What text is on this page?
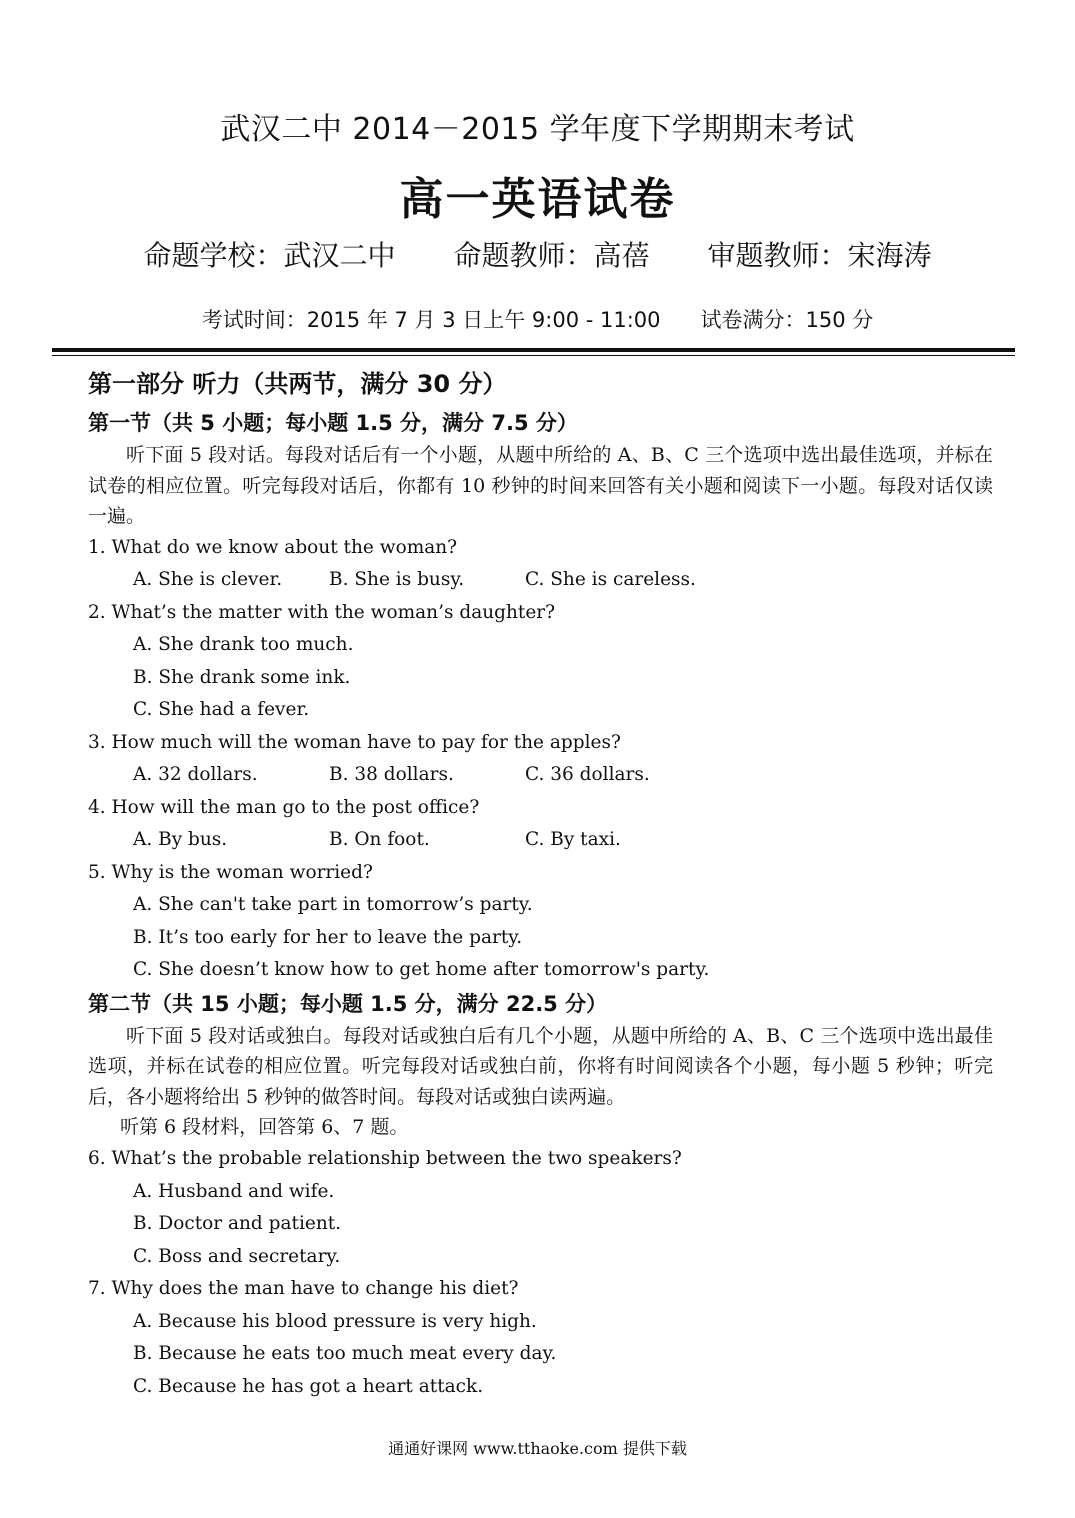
武汉二中 2014－2015 学年度下学期期末考试
高一英语试卷
命题学校：武汉二中 命题教师：高蓓 审题教师：宋海涛
考试时间：2015 年 7 月 3 日上午 9:00 - 11:00 试卷满分：150 分

第一部分 听力（共两节，满分 30 分）

第一节（共 5 小题；每小题 1.5 分，满分 7.5 分）

听下面 5 段对话。每段对话后有一个小题，从题中所给的 A、B、C 三个选项中选出最佳选项，并标在试卷的相应位置。听完每段对话后，你都有 10 秒钟的时间来回答有关小题和阅读下一小题。每段对话仅读一遍。

1. What do we know about the woman?

A. She is clever.	B. She is busy.	C. She is careless.

2. What’s the matter with the woman’s daughter?

A. She drank too much.

B. She drank some ink.

C. She had a fever.

3. How much will the woman have to pay for the apples?

A. 32 dollars.	B. 38 dollars.	C. 36 dollars.

4. How will the man go to the post office?

A. By bus.	B. On foot.	C. By taxi.

5. Why is the woman worried?

A. She can't take part in tomorrow’s party.

B. It’s too early for her to leave the party.

C. She doesn’t know how to get home after tomorrow's party.

第二节（共 15 小题；每小题 1.5 分，满分 22.5 分）

听下面 5 段对话或独白。每段对话或独白后有几个小题，从题中所给的 A、B、C 三个选项中选出最佳选项，并标在试卷的相应位置。听完每段对话或独白前，你将有时间阅读各个小题，每小题 5 秒钟；听完后，各小题将给出 5 秒钟的做答时间。每段对话或独白读两遍。

听第 6 段材料，回答第 6、7 题。

6. What’s the probable relationship between the two speakers?

A. Husband and wife.

B. Doctor and patient.

C. Boss and secretary.

7. Why does the man have to change his diet?

A. Because his blood pressure is very high.

B. Because he eats too much meat every day.

C. Because he has got a heart attack.

通通好课网 www.tthaoke.com 提供下载
